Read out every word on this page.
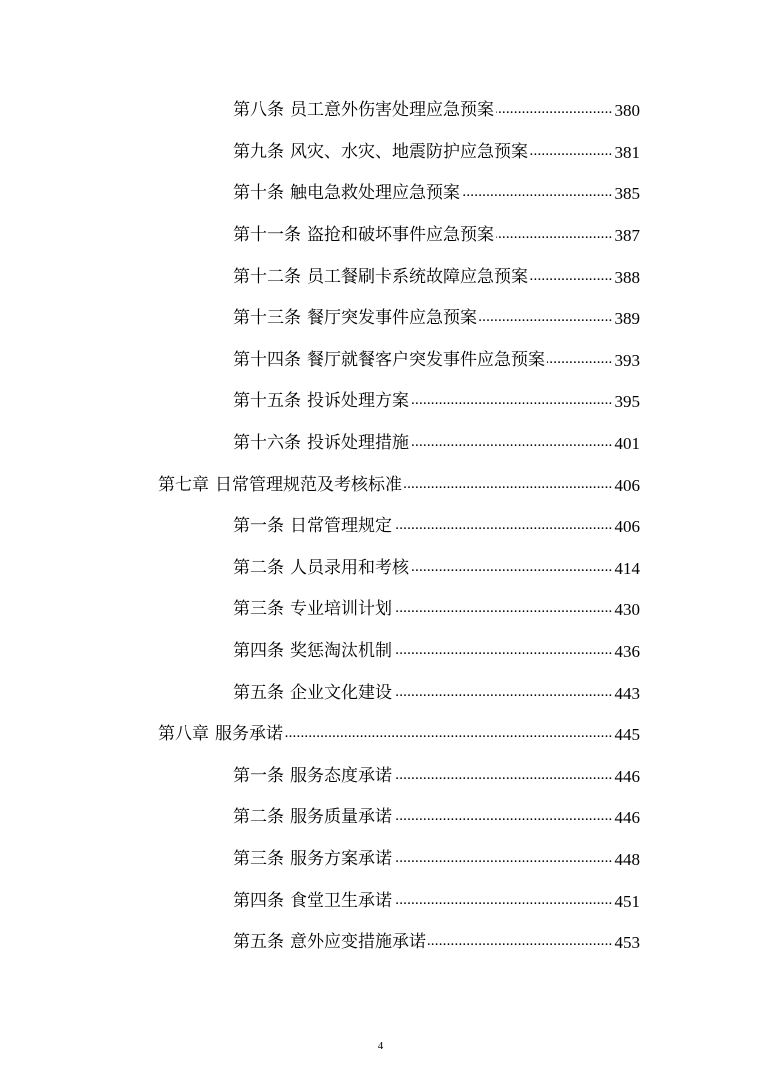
第八条 员工意外伤害处理应急预案 .....	380
第九条 风灾、水灾、地震防护应急预案 .....	381
第十条 触电急救处理应急预案 .....	385
第十一条 盗抢和破坏事件应急预案 .....	387
第十二条 员工餐刷卡系统故障应急预案 .....	388
第十三条 餐厅突发事件应急预案 .....	389
第十四条 餐厅就餐客户突发事件应急预案 .....	393
第十五条 投诉处理方案 .....	395
第十六条 投诉处理措施 .....	401
第七章 日常管理规范及考核标准 .....	406
第一条 日常管理规定 .....	406
第二条 人员录用和考核 .....	414
第三条 专业培训计划 .....	430
第四条 奖惩淘汰机制 .....	436
第五条 企业文化建设 .....	443
第八章 服务承诺 .....	445
第一条 服务态度承诺 .....	446
第二条 服务质量承诺 .....	446
第三条 服务方案承诺 .....	448
第四条 食堂卫生承诺 .....	451
第五条 意外应变措施承诺 .....	453
4
